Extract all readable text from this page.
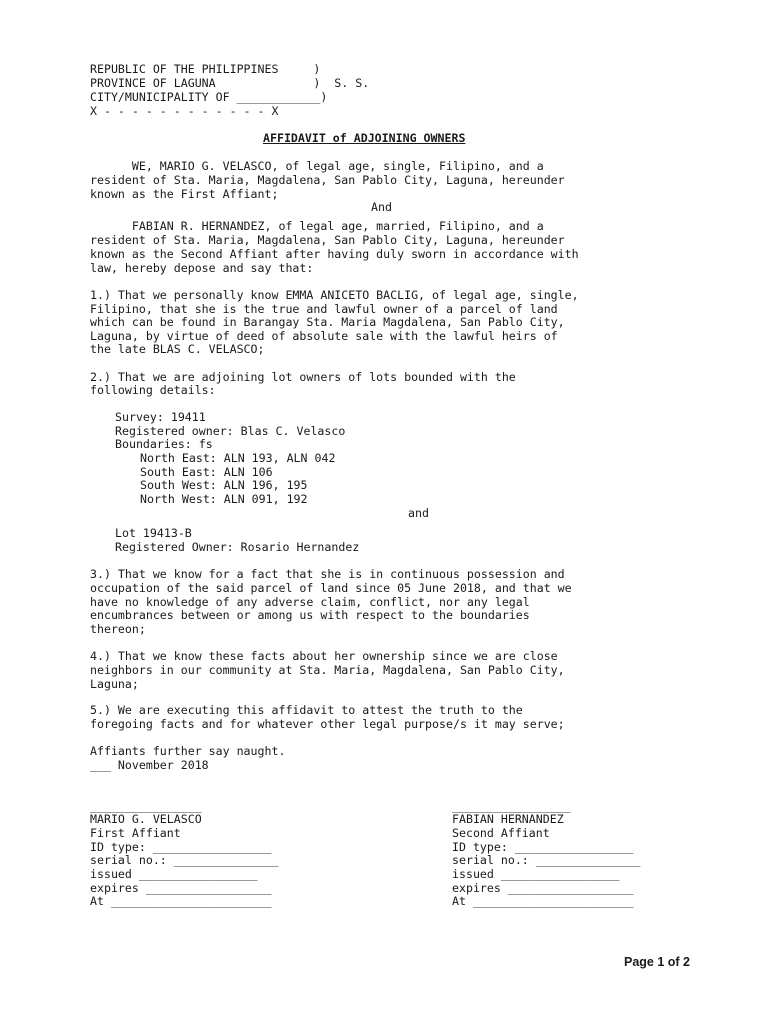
REPUBLIC OF THE PHILIPPINES     )
PROVINCE OF LAGUNA              )  S. S.
CITY/MUNICIPALITY OF ____________)
X - - - - - - - - - - - - X
AFFIDAVIT of ADJOINING OWNERS
WE, MARIO G. VELASCO, of legal age, single, Filipino, and a
resident of Sta. Maria, Magdalena, San Pablo City, Laguna, hereunder
known as the First Affiant;
And
FABIAN R. HERNANDEZ, of legal age, married, Filipino, and a
resident of Sta. Maria, Magdalena, San Pablo City, Laguna, hereunder
known as the Second Affiant after having duly sworn in accordance with
law, hereby depose and say that:
1.) That we personally know EMMA ANICETO BACLIG, of legal age, single,
Filipino, that she is the true and lawful owner of a parcel of land
which can be found in Barangay Sta. Maria Magdalena, San Pablo City,
Laguna, by virtue of deed of absolute sale with the lawful heirs of
the late BLAS C. VELASCO;
2.) That we are adjoining lot owners of lots bounded with the
following details:
Survey: 19411
Registered owner: Blas C. Velasco
Boundaries: fs
North East: ALN 193, ALN 042
South East: ALN 106
South West: ALN 196, 195
North West: ALN 091, 192
and
Lot 19413-B
Registered Owner: Rosario Hernandez
3.) That we know for a fact that she is in continuous possession and
occupation of the said parcel of land since 05 June 2018, and that we
have no knowledge of any adverse claim, conflict, nor any legal
encumbrances between or among us with respect to the boundaries
thereon;
4.) That we know these facts about her ownership since we are close
neighbors in our community at Sta. Maria, Magdalena, San Pablo City,
Laguna;
5.) We are executing this affidavit to attest the truth to the
foregoing facts and for whatever other legal purpose/s it may serve;
Affiants further say naught.
___ November 2018
________________
MARIO G. VELASCO
First Affiant
ID type: _________________
serial no.: _______________
issued _________________
expires __________________
At _______________________
_________________
FABIAN HERNANDEZ
Second Affiant
ID type: _________________
serial no.: _______________
issued _________________
expires __________________
At _______________________
Page 1 of 2
